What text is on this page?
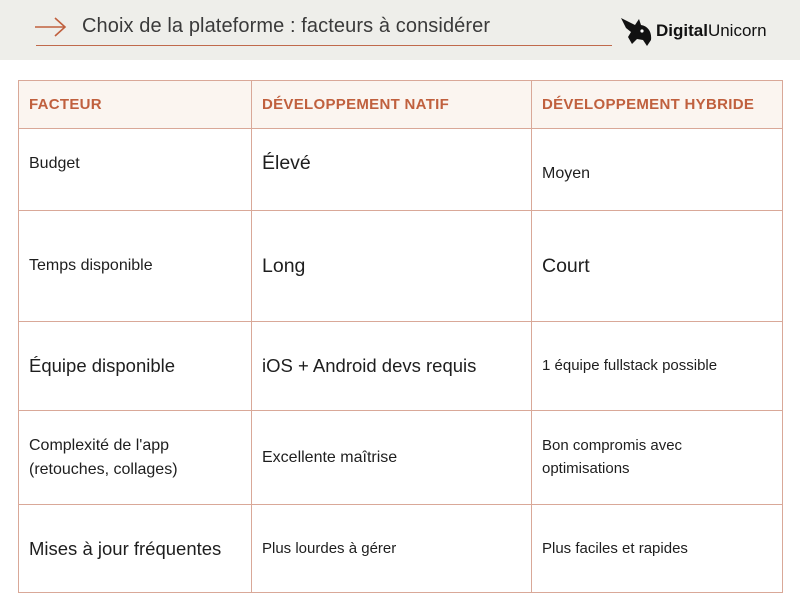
Choix de la plateforme : facteurs à considérer	DigitalUnicorn
FACTEUR	DÉVELOPPEMENT NATIF	DÉVELOPPEMENT HYBRIDE
Budget	Élevé	Moyen
Temps disponible	Long	Court
Équipe disponible	iOS + Android devs requis	1 équipe fullstack possible
Complexité de l'app (retouches, collages)	Excellente maîtrise	Bon compromis avec optimisations
Mises à jour fréquentes	Plus lourdes à gérer	Plus faciles et rapides
